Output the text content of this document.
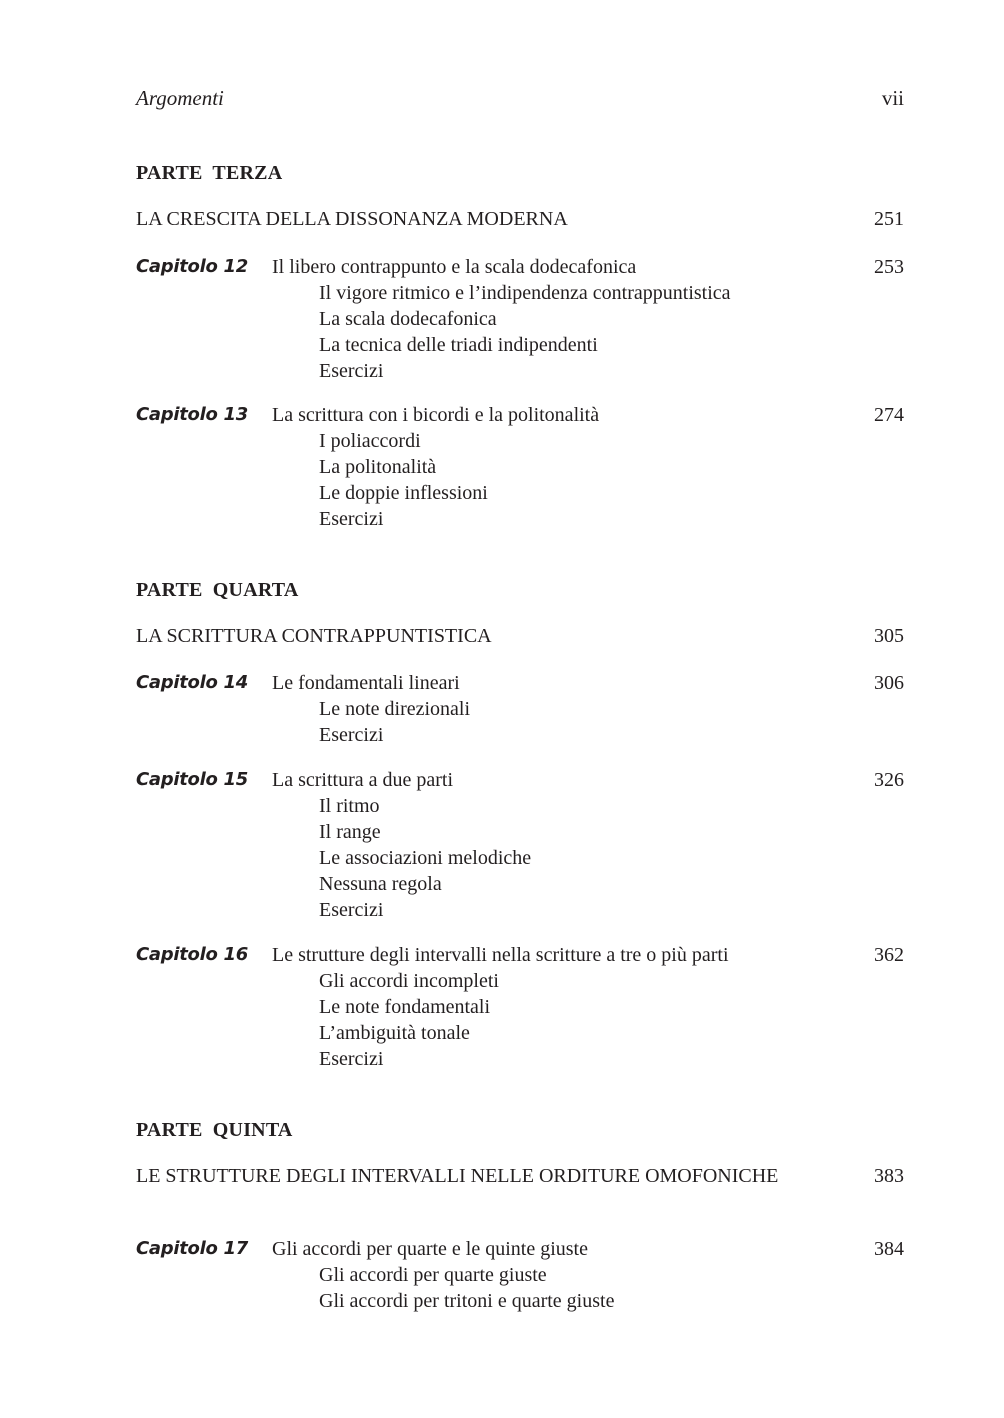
Argomenti	vii
PARTE TERZA
LA CRESCITA DELLA DISSONANZA MODERNA	251
Capitolo 12 Il libero contrappunto e la scala dodecafonica	253
Il vigore ritmico e l’indipendenza contrappuntistica
La scala dodecafonica
La tecnica delle triadi indipendenti
Esercizi
Capitolo 13 La scrittura con i bicordi e la politonalità	274
I poliaccordi
La politonalità
Le doppie inflessioni
Esercizi
PARTE QUARTA
LA SCRITTURA CONTRAPPUNTISTICA	305
Capitolo 14 Le fondamentali lineari	306
Le note direzionali
Esercizi
Capitolo 15 La scrittura a due parti	326
Il ritmo
Il range
Le associazioni melodiche
Nessuna regola
Esercizi
Capitolo 16 Le strutture degli intervalli nella scritture a tre o più parti	362
Gli accordi incompleti
Le note fondamentali
L’ambiguità tonale
Esercizi
PARTE QUINTA
LE STRUTTURE DEGLI INTERVALLI NELLE ORDITURE OMOFONICHE	383
Capitolo 17 Gli accordi per quarte e le quinte giuste	384
Gli accordi per quarte giuste
Gli accordi per tritoni e quarte giuste
